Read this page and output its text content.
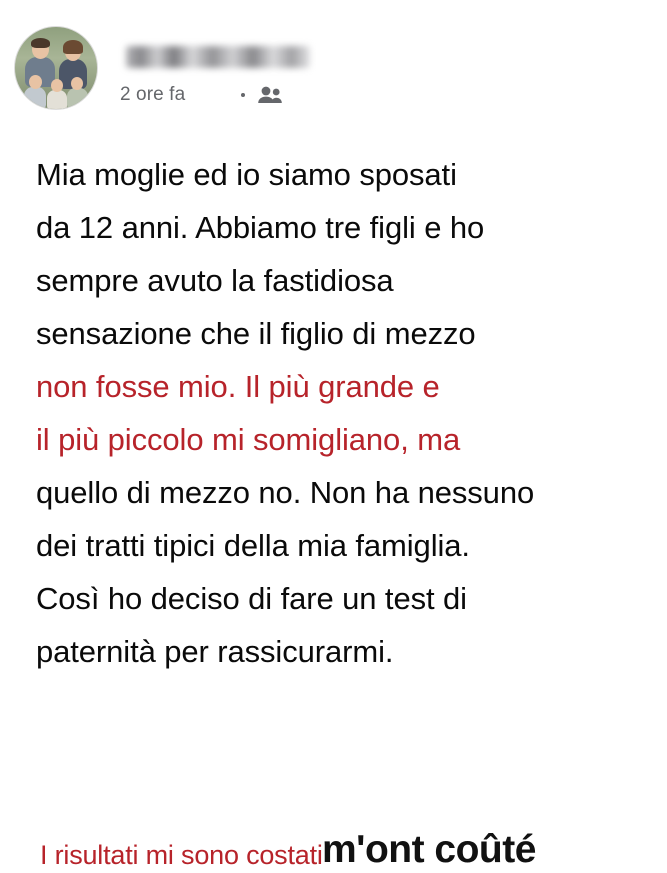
2 ore fa
Mia moglie ed io siamo sposati
da 12 anni. Abbiamo tre figli e ho
sempre avuto la fastidiosa
sensazione che il figlio di mezzo
non fosse mio. Il più grande e
il più piccolo mi somigliano, ma
quello di mezzo no. Non ha nessuno
dei tratti tipici della mia famiglia.
Così ho deciso di fare un test di
paternità per rassicurarmi.
I risultati mi sono costati m'ont coûté
